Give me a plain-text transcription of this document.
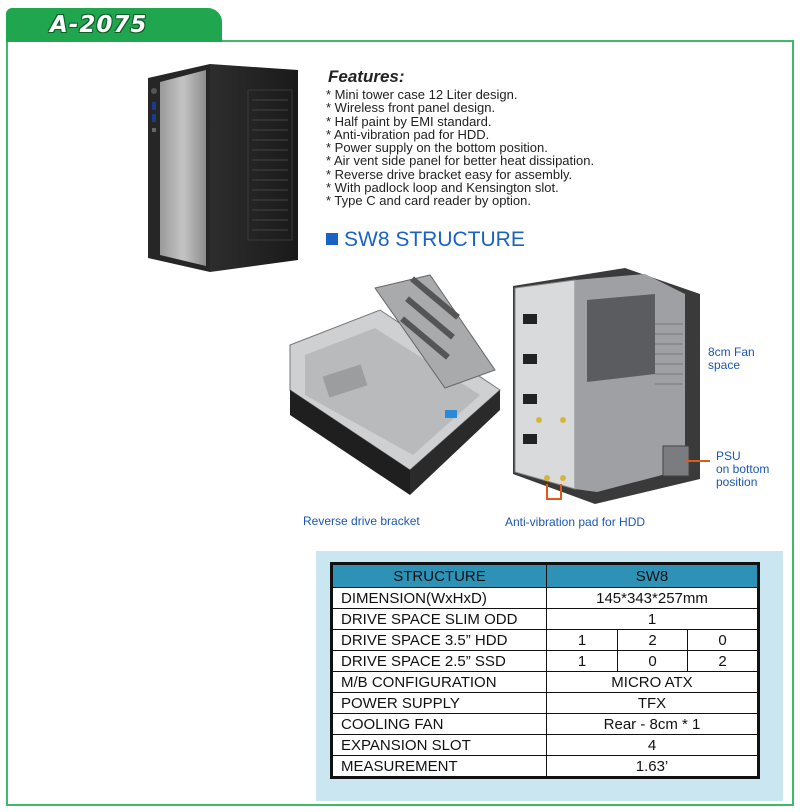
A-2075
Features:
* Mini tower case 12 Liter design.
* Wireless front panel design.
* Half paint by EMI standard.
* Anti-vibration pad for HDD.
* Power supply on the bottom position.
* Air vent side panel for better heat dissipation.
* Reverse drive bracket easy for assembly.
* With padlock loop and Kensington slot.
* Type C and card reader by option.
SW8 STRUCTURE
8cm Fan
space
PSU
on bottom
position
Reverse drive bracket	Anti-vibration pad for HDD
STRUCTURE	SW8		
DIMENSION(WxHxD)	145*343*257mm		
DRIVE SPACE SLIM ODD	1		
DRIVE SPACE 3.5” HDD	1	2	0
DRIVE SPACE 2.5” SSD	1	0	2
M/B CONFIGURATION	MICRO ATX		
POWER SUPPLY	TFX		
COOLING FAN	Rear - 8cm * 1		
EXPANSION SLOT	4		
MEASUREMENT	1.63’		
